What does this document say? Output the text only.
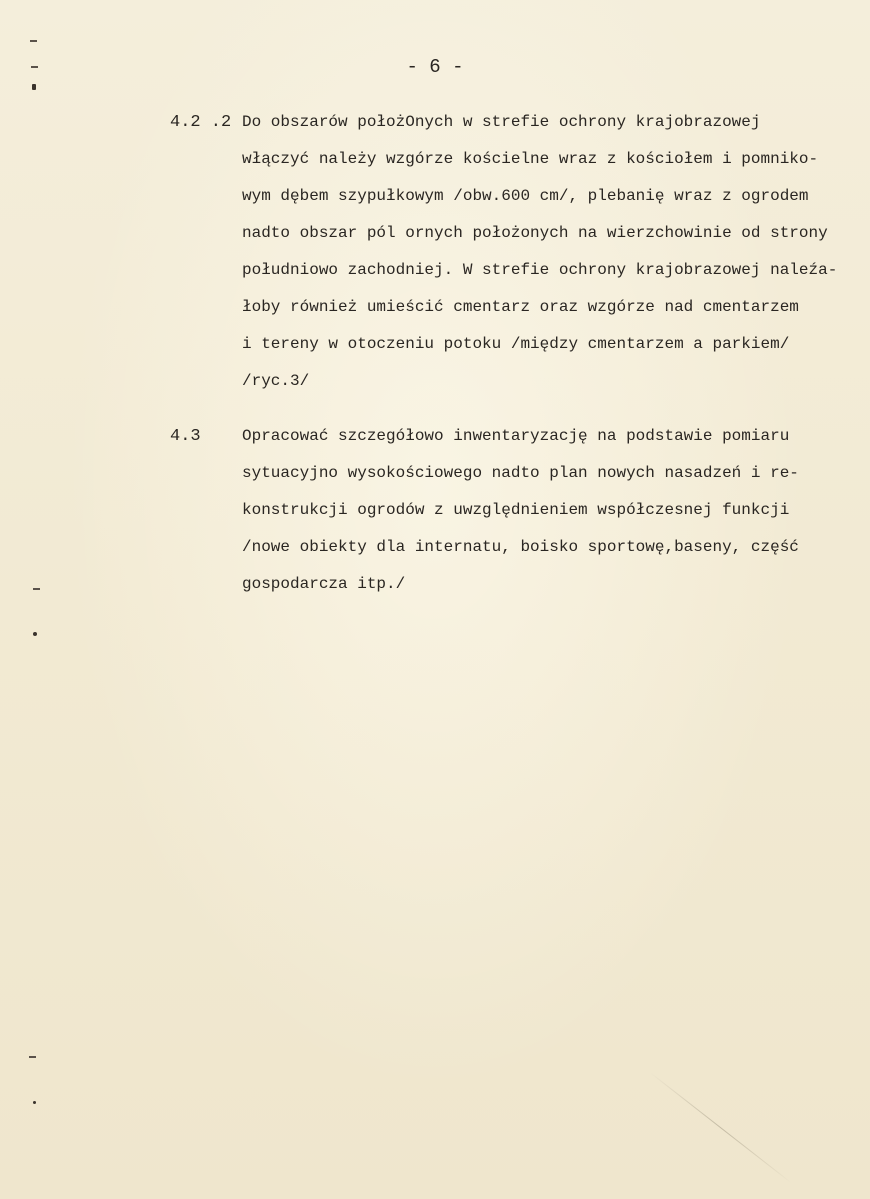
- 6 -
4.2 .2 Do obszarów położOnych w strefie ochrony krajobrazowej
włączyć należy wzgórze kościelne wraz z kościołem i pomniko-
wym dębem szypułkowym /obw.600 cm/, plebanię wraz z ogrodem
nadto obszar pól ornych położonych na wierzchowinie od strony
południowo zachodniej. W strefie ochrony krajobrazowej naleźa-
łoby również umieścić cmentarz oraz wzgórze nad cmentarzem
i tereny w otoczeniu potoku /między cmentarzem a parkiem/
/ryc.3/
4.3	Opracować szczegółowo inwentaryzację na podstawie pomiaru
sytuacyjno wysokościowego nadto plan nowych nasadzeń i re-
konstrukcji ogrodów z uwzględnieniem współczesnej funkcji
/nowe obiekty dla internatu, boisko sportowę,baseny, część
gospodarcza itp./
